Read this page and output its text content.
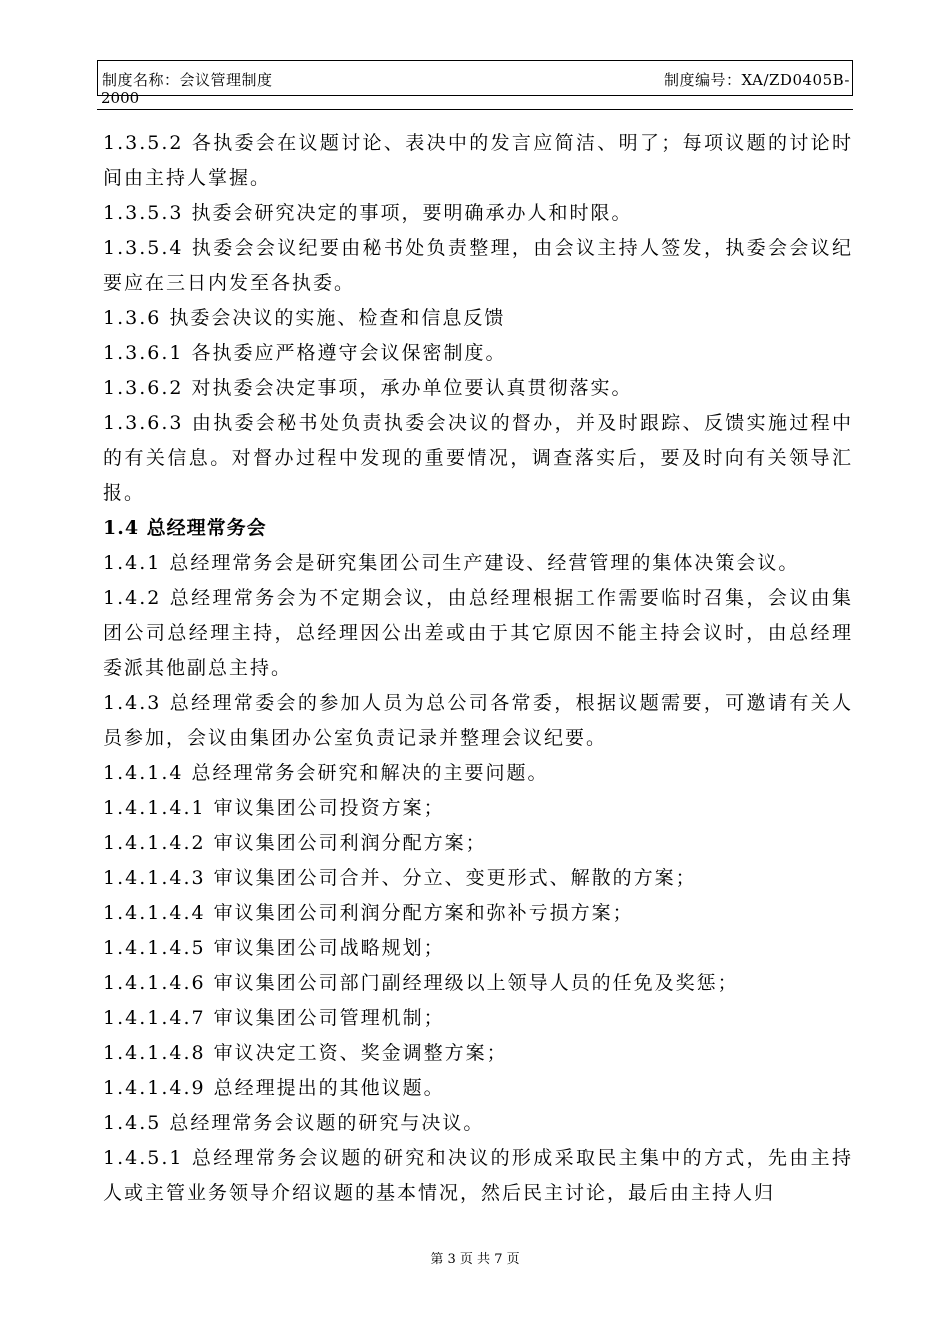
制度名称：会议管理制度	制度编号：XA/ZD0405B-
2000

1.3.5.2 各执委会在议题讨论、表决中的发言应简洁、明了；每项议题的讨论时间由主持人掌握。

1.3.5.3 执委会研究决定的事项，要明确承办人和时限。

1.3.5.4 执委会会议纪要由秘书处负责整理，由会议主持人签发，执委会会议纪要应在三日内发至各执委。

1.3.6 执委会决议的实施、检查和信息反馈

1.3.6.1 各执委应严格遵守会议保密制度。

1.3.6.2 对执委会决定事项，承办单位要认真贯彻落实。

1.3.6.3 由执委会秘书处负责执委会决议的督办，并及时跟踪、反馈实施过程中的有关信息。对督办过程中发现的重要情况，调查落实后，要及时向有关领导汇报。

1.4 总经理常务会

1.4.1 总经理常务会是研究集团公司生产建设、经营管理的集体决策会议。

1.4.2 总经理常务会为不定期会议，由总经理根据工作需要临时召集，会议由集团公司总经理主持，总经理因公出差或由于其它原因不能主持会议时，由总经理委派其他副总主持。

1.4.3 总经理常委会的参加人员为总公司各常委，根据议题需要，可邀请有关人员参加，会议由集团办公室负责记录并整理会议纪要。

1.4.1.4 总经理常务会研究和解决的主要问题。

1.4.1.4.1 审议集团公司投资方案；

1.4.1.4.2 审议集团公司利润分配方案；

1.4.1.4.3 审议集团公司合并、分立、变更形式、解散的方案；

1.4.1.4.4 审议集团公司利润分配方案和弥补亏损方案；

1.4.1.4.5 审议集团公司战略规划；

1.4.1.4.6 审议集团公司部门副经理级以上领导人员的任免及奖惩；

1.4.1.4.7 审议集团公司管理机制；

1.4.1.4.8 审议决定工资、奖金调整方案；

1.4.1.4.9 总经理提出的其他议题。

1.4.5 总经理常务会议题的研究与决议。

1.4.5.1 总经理常务会议题的研究和决议的形成采取民主集中的方式，先由主持人或主管业务领导介绍议题的基本情况，然后民主讨论，最后由主持人归

第 3 页 共 7 页
